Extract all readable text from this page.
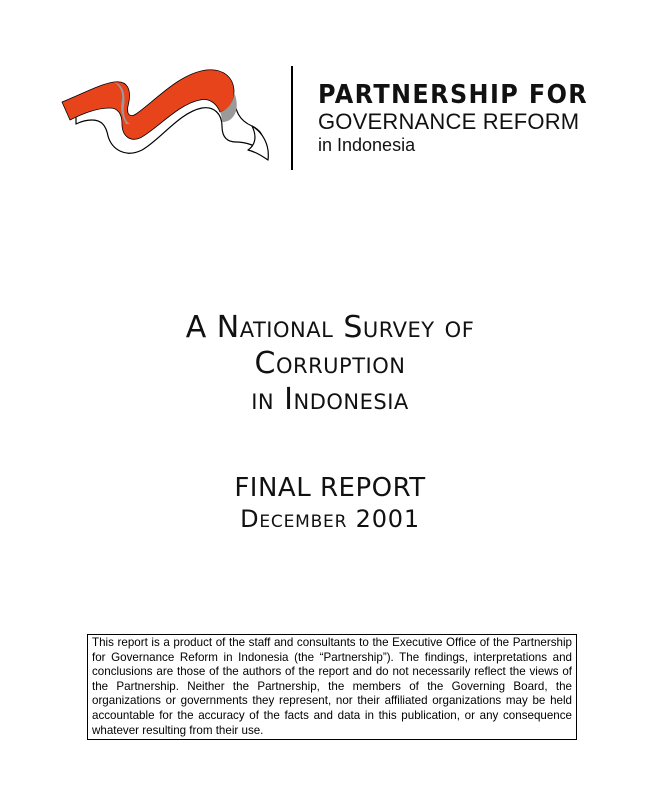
PARTNERSHIP FOR
GOVERNANCE REFORM
in Indonesia
A National Survey of
Corruption
in Indonesia
FINAL REPORT
December 2001
This report is a product of the staff and consultants to the Executive Office of the Partnership for Governance Reform in Indonesia (the “Partnership”). The findings, interpretations and conclusions are those of the authors of the report and do not necessarily reflect the views of the Partnership. Neither the Partnership, the members of the Governing Board, the organizations or governments they represent, nor their affiliated organizations may be held accountable for the accuracy of the facts and data in this publication, or any consequence whatever resulting from their use.
